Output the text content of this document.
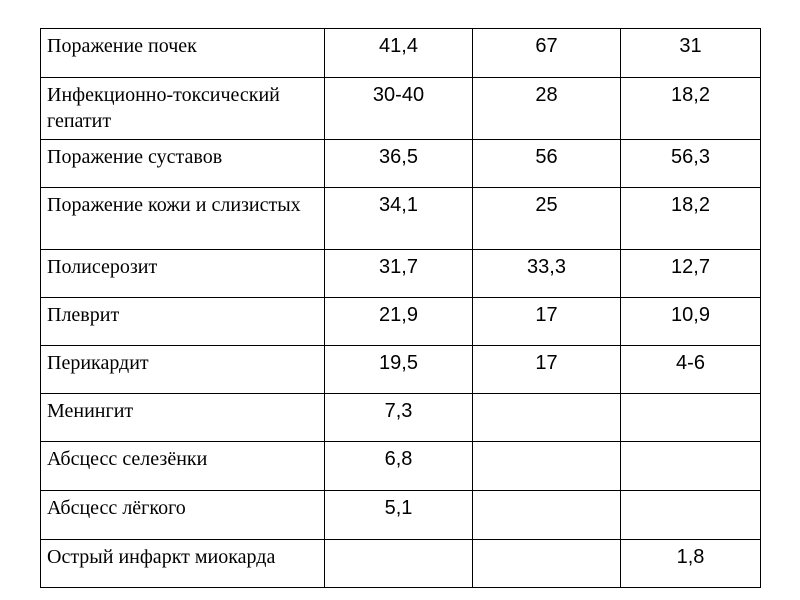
Поражение почек	41,4	67	31
Инфекционно-токсический гепатит	30-40	28	18,2
Поражение суставов	36,5	56	56,3
Поражение кожи и слизистых	34,1	25	18,2
Полисерозит	31,7	33,3	12,7
Плеврит	21,9	17	10,9
Перикардит	19,5	17	4-6
Менингит	7,3		
Абсцесс селезёнки	6,8		
Абсцесс лёгкого	5,1		
Острый инфаркт миокарда			1,8
